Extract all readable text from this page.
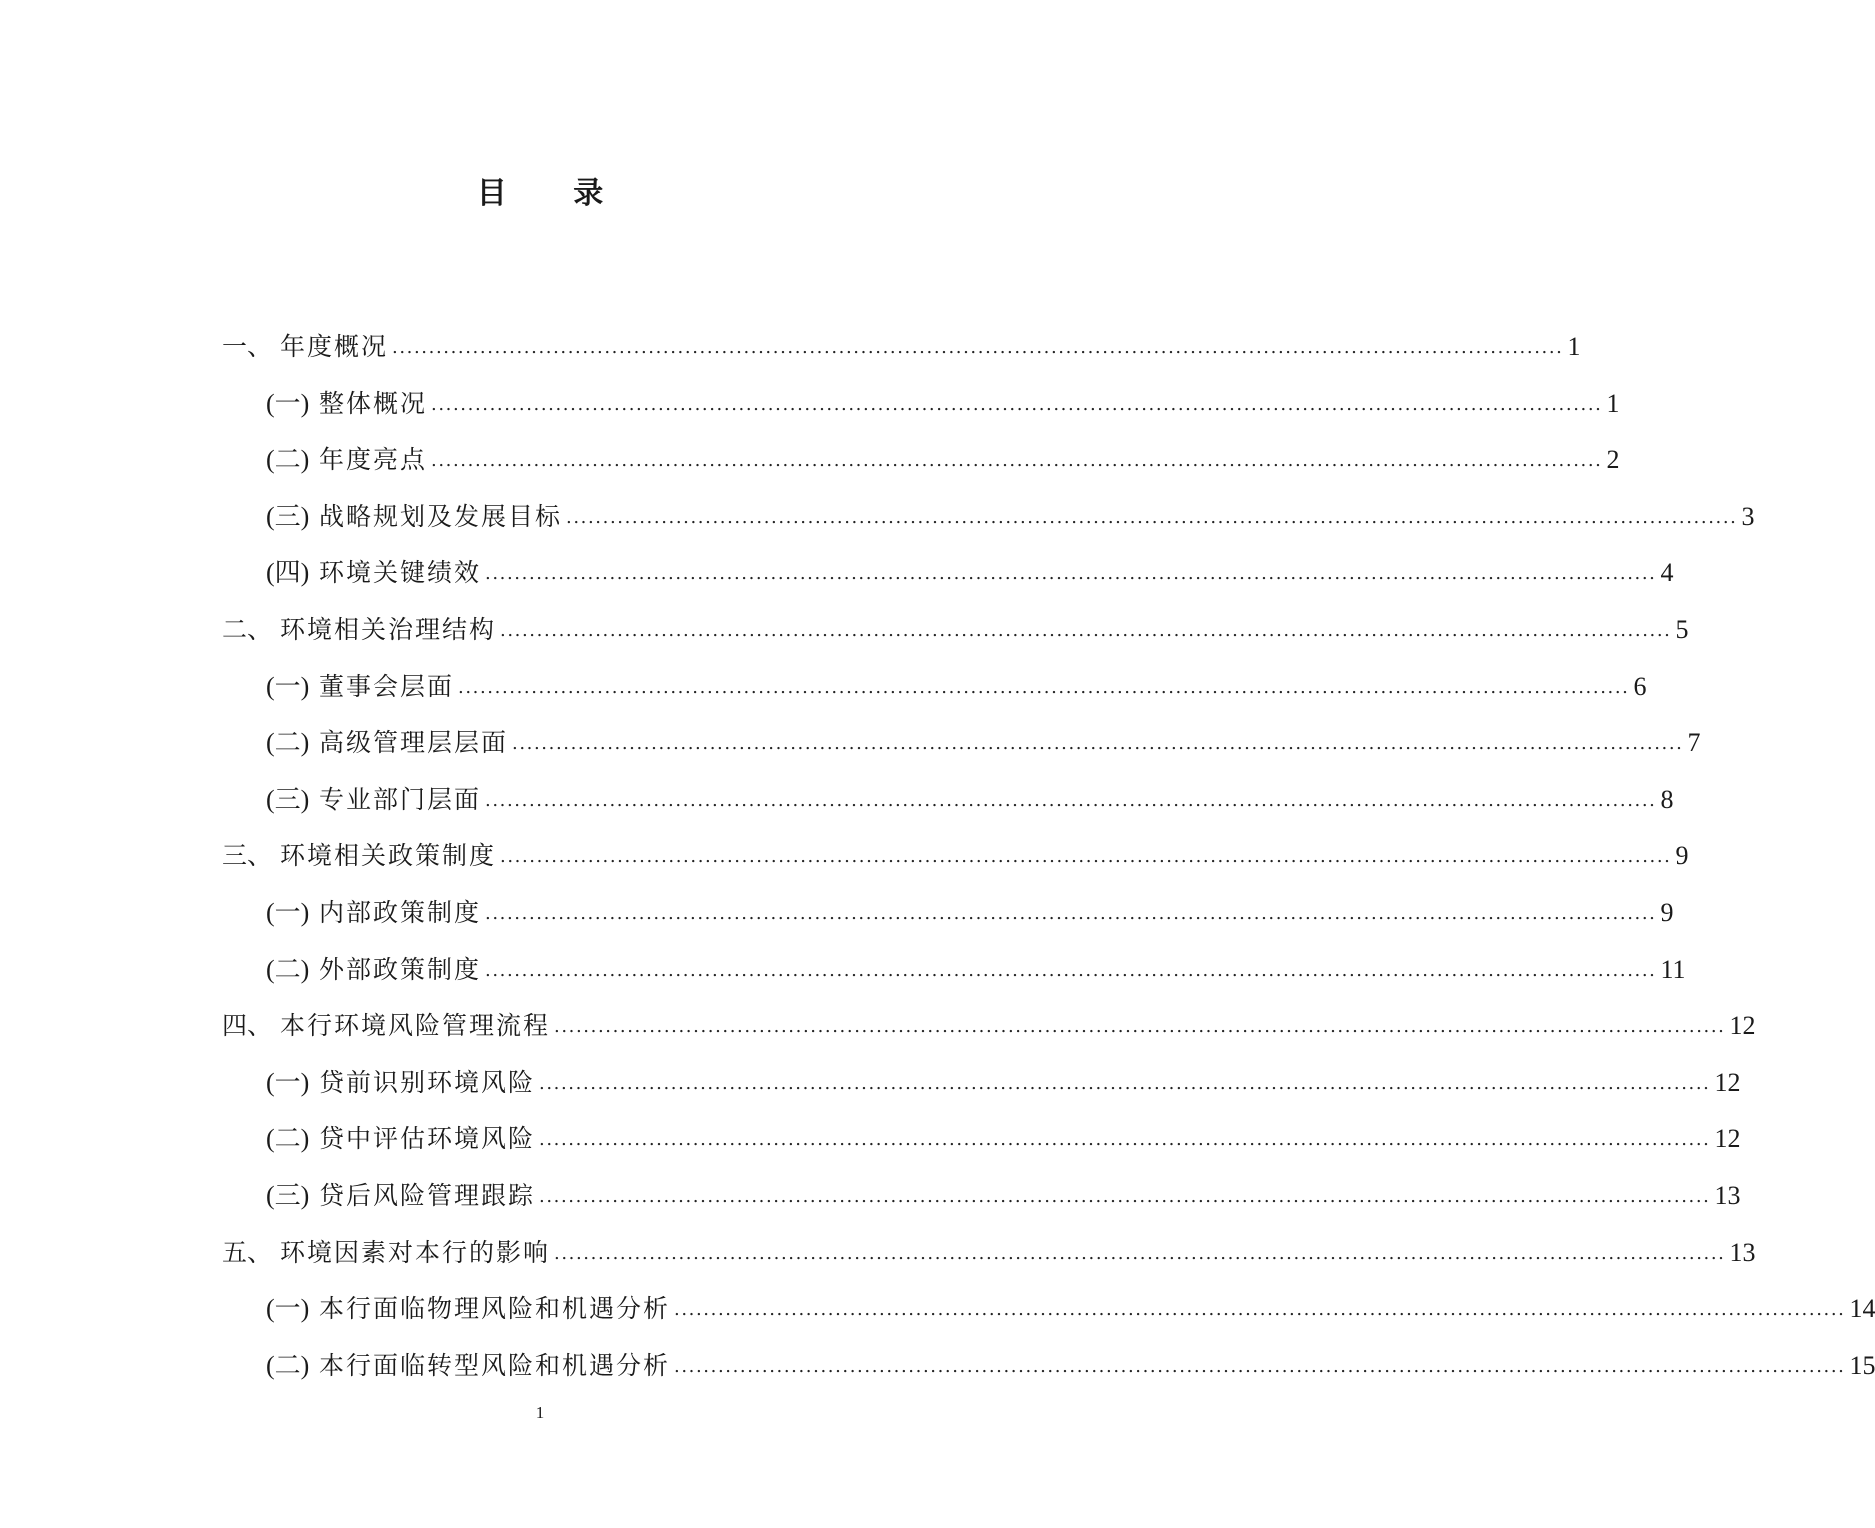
目 录
一、 年度概况 ................................................................................................................................................................ 1
(一) 整体概况 ................................................................................................................................................................ 1
(二) 年度亮点 ................................................................................................................................................................ 2
(三) 战略规划及发展目标 ................................................................................................................................................................ 3
(四) 环境关键绩效 ................................................................................................................................................................ 4
二、 环境相关治理结构 ................................................................................................................................................................ 5
(一) 董事会层面 ................................................................................................................................................................ 6
(二) 高级管理层层面 ................................................................................................................................................................ 7
(三) 专业部门层面 ................................................................................................................................................................ 8
三、 环境相关政策制度 ................................................................................................................................................................ 9
(一) 内部政策制度 ................................................................................................................................................................ 9
(二) 外部政策制度 ................................................................................................................................................................ 11
四、 本行环境风险管理流程 ................................................................................................................................................................ 12
(一) 贷前识别环境风险 ................................................................................................................................................................ 12
(二) 贷中评估环境风险 ................................................................................................................................................................ 12
(三) 贷后风险管理跟踪 ................................................................................................................................................................ 13
五、 环境因素对本行的影响 ................................................................................................................................................................ 13
(一) 本行面临物理风险和机遇分析 ................................................................................................................................................................ 14
(二) 本行面临转型风险和机遇分析 ................................................................................................................................................................ 15
1
